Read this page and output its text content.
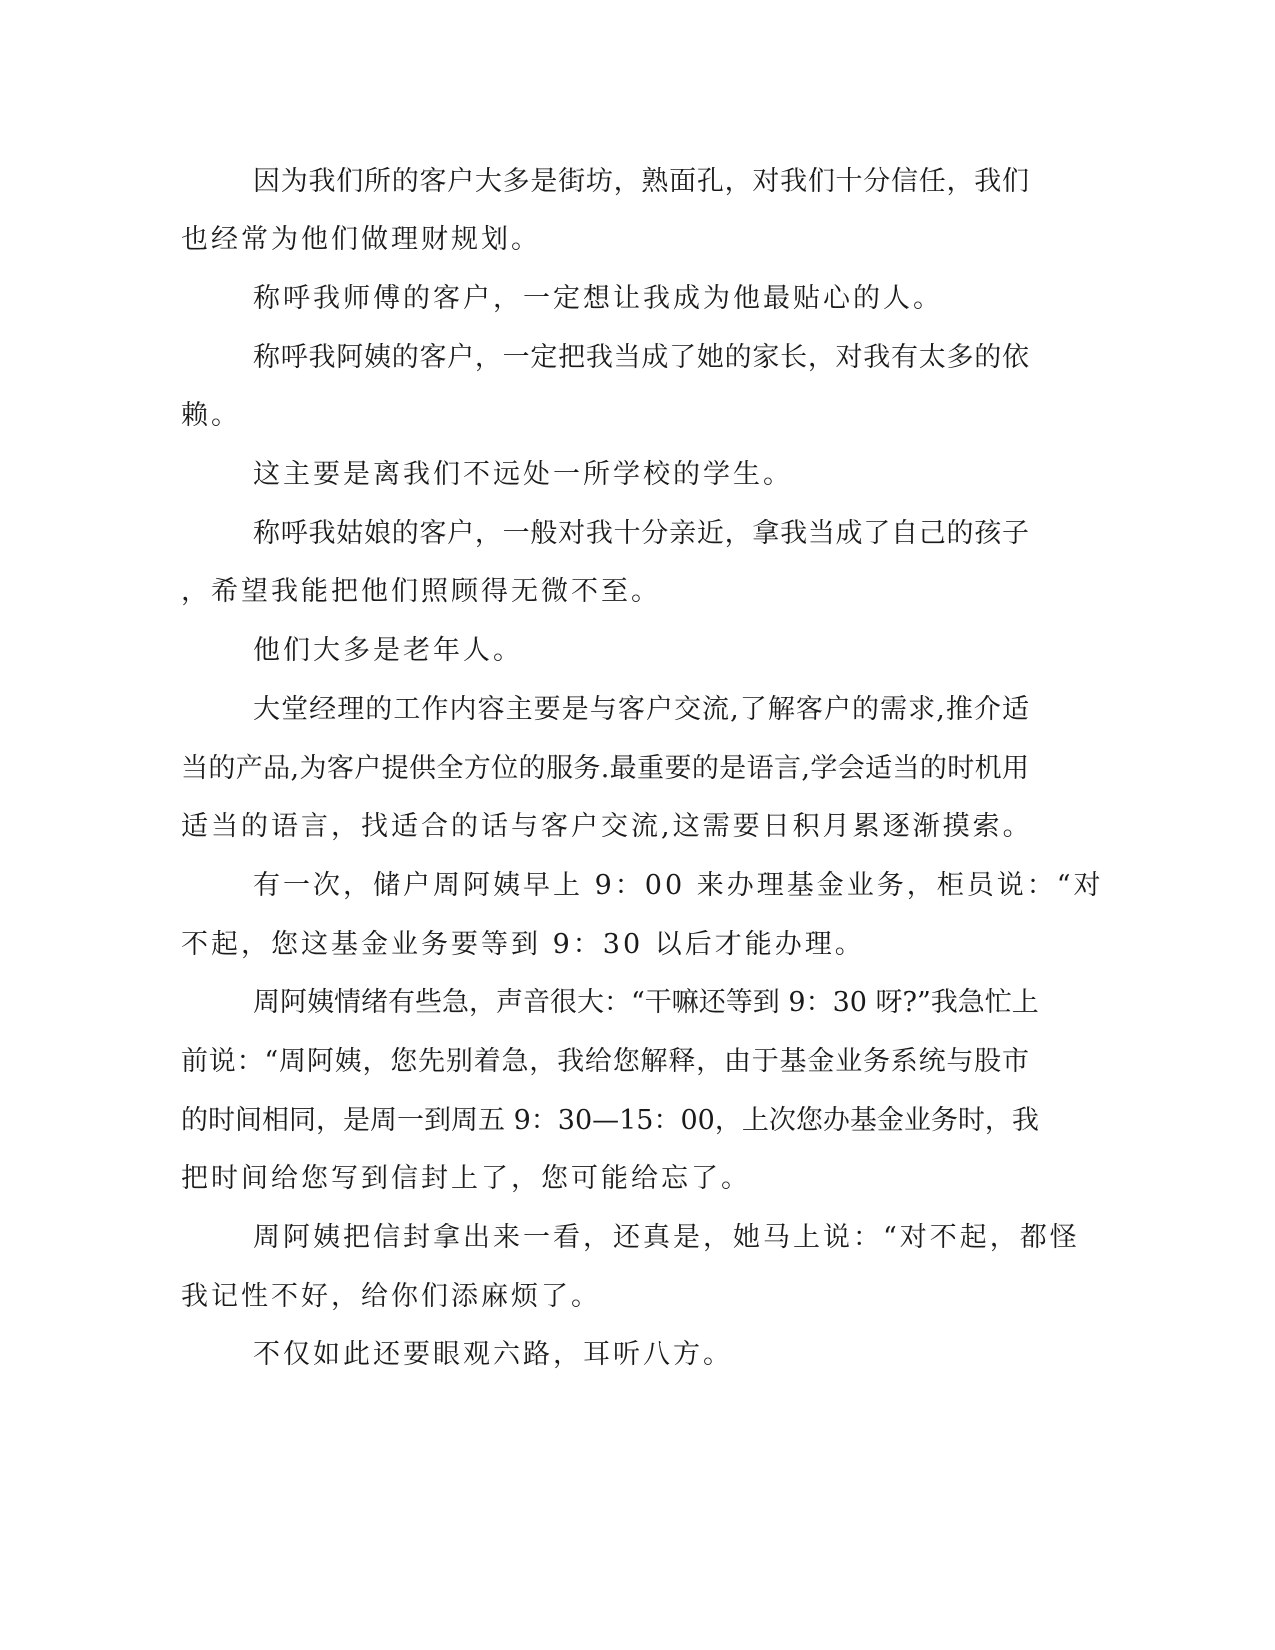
因为我们所的客户大多是街坊，熟面孔，对我们十分信任，我们
也经常为他们做理财规划。
称呼我师傅的客户，一定想让我成为他最贴心的人。
称呼我阿姨的客户，一定把我当成了她的家长，对我有太多的依
赖。
这主要是离我们不远处一所学校的学生。
称呼我姑娘的客户，一般对我十分亲近，拿我当成了自己的孩子
，希望我能把他们照顾得无微不至。
他们大多是老年人。
大堂经理的工作内容主要是与客户交流,了解客户的需求,推介适
当的产品,为客户提供全方位的服务.最重要的是语言,学会适当的时机用
适当的语言，找适合的话与客户交流,这需要日积月累逐渐摸索。
有一次，储户周阿姨早上 9：00 来办理基金业务，柜员说：“对
不起，您这基金业务要等到 9：30 以后才能办理。
周阿姨情绪有些急，声音很大：“干嘛还等到 9：30 呀?”我急忙上
前说：“周阿姨，您先别着急，我给您解释，由于基金业务系统与股市
的时间相同，是周一到周五 9：30—15：00，上次您办基金业务时，我
把时间给您写到信封上了，您可能给忘了。
周阿姨把信封拿出来一看，还真是，她马上说：“对不起，都怪
我记性不好，给你们添麻烦了。
不仅如此还要眼观六路，耳听八方。
